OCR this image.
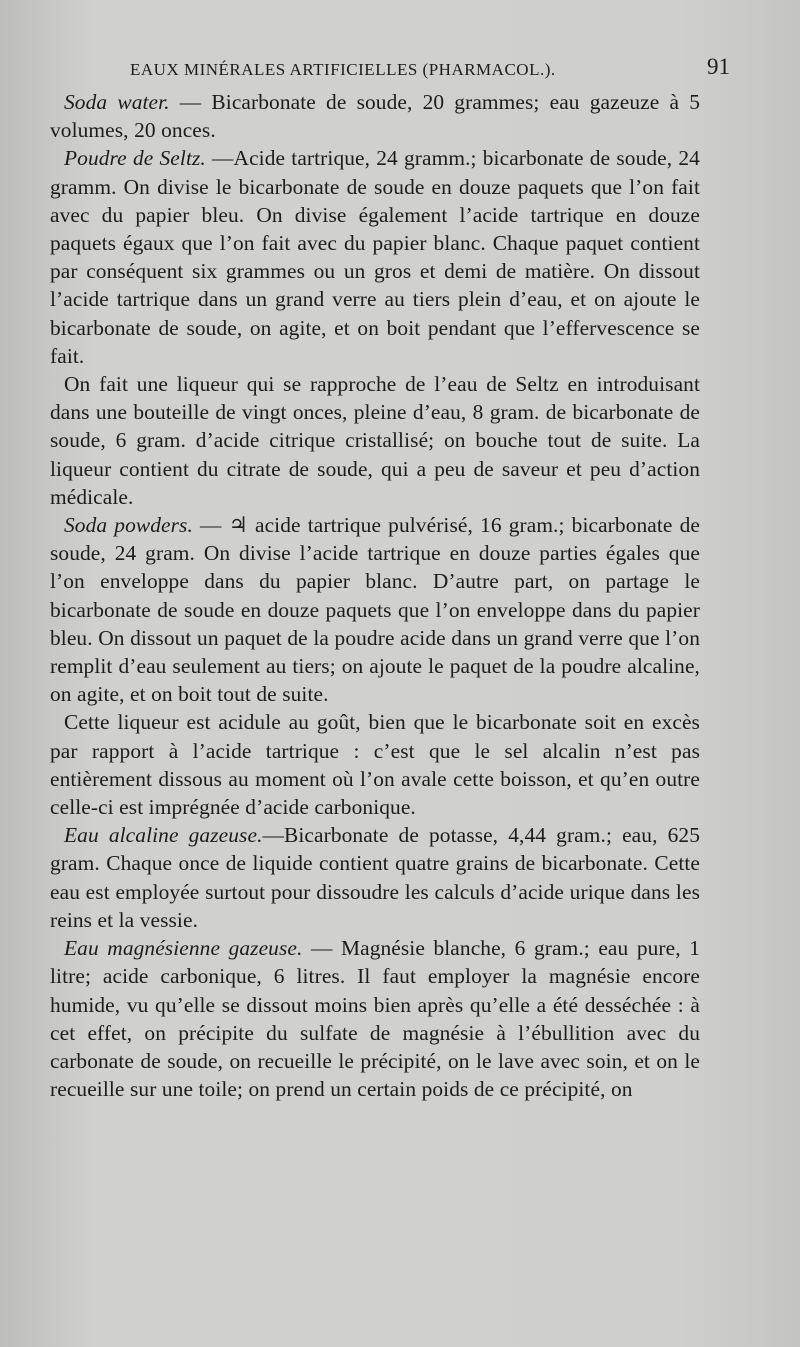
EAUX MINÉRALES ARTIFICIELLES (PHARMACOL.).	91

Soda water. — Bicarbonate de soude, 20 grammes; eau gazeuze à 5 volumes, 20 onces.

Poudre de Seltz. —Acide tartrique, 24 gramm.; bicarbonate de soude, 24 gramm. On divise le bicarbonate de soude en douze paquets que l’on fait avec du papier bleu. On divise également l’acide tartrique en douze paquets égaux que l’on fait avec du papier blanc. Chaque paquet contient par conséquent six grammes ou un gros et demi de matière. On dissout l’acide tartrique dans un grand verre au tiers plein d’eau, et on ajoute le bicarbonate de soude, on agite, et on boit pendant que l’effervescence se fait.

On fait une liqueur qui se rapproche de l’eau de Seltz en introduisant dans une bouteille de vingt onces, pleine d’eau, 8 gram. de bicarbonate de soude, 6 gram. d’acide citrique cristallisé; on bouche tout de suite. La liqueur contient du citrate de soude, qui a peu de saveur et peu d’action médicale.

Soda powders. — ♃ acide tartrique pulvérisé, 16 gram.; bicarbonate de soude, 24 gram. On divise l’acide tartrique en douze parties égales que l’on enveloppe dans du papier blanc. D’autre part, on partage le bicarbonate de soude en douze paquets que l’on enveloppe dans du papier bleu. On dissout un paquet de la poudre acide dans un grand verre que l’on remplit d’eau seulement au tiers; on ajoute le paquet de la poudre alcaline, on agite, et on boit tout de suite.

Cette liqueur est acidule au goût, bien que le bicarbonate soit en excès par rapport à l’acide tartrique : c’est que le sel alcalin n’est pas entièrement dissous au moment où l’on avale cette boisson, et qu’en outre celle-ci est imprégnée d’acide carbonique.

Eau alcaline gazeuse.—Bicarbonate de potasse, 4,44 gram.; eau, 625 gram. Chaque once de liquide contient quatre grains de bicarbonate. Cette eau est employée surtout pour dissoudre les calculs d’acide urique dans les reins et la vessie.

Eau magnésienne gazeuse. — Magnésie blanche, 6 gram.; eau pure, 1 litre; acide carbonique, 6 litres. Il faut employer la magnésie encore humide, vu qu’elle se dissout moins bien après qu’elle a été desséchée : à cet effet, on précipite du sulfate de magnésie à l’ébullition avec du carbonate de soude, on recueille le précipité, on le lave avec soin, et on le recueille sur une toile; on prend un certain poids de ce précipité, on
